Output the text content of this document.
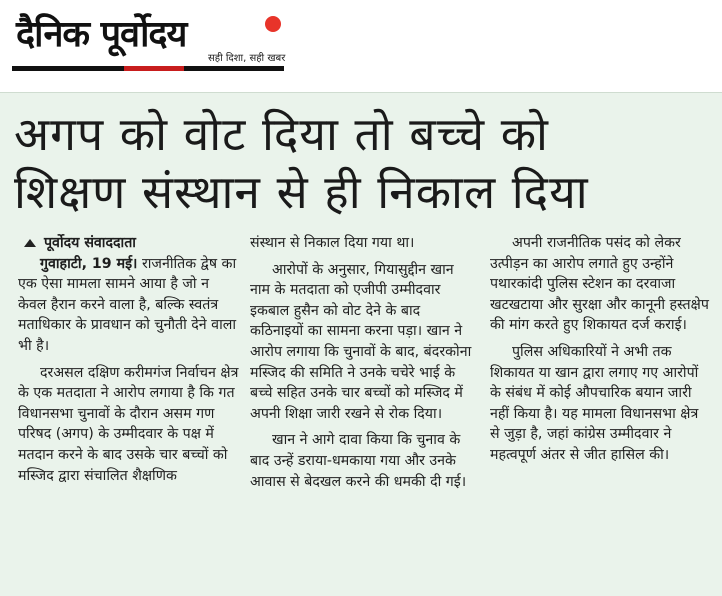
दैनिक पूर्वोदय
सही दिशा, सही खबर
अगप को वोट दिया तो बच्चे को
शिक्षण संस्थान से ही निकाल दिया

पूर्वोदय संवाददाता

गुवाहाटी, 19 मई। राजनीतिक द्वेष का एक ऐसा मामला सामने आया है जो न केवल हैरान करने वाला है, बल्कि स्वतंत्र मताधिकार के प्रावधान को चुनौती देने वाला भी है।

दरअसल दक्षिण करीमगंज निर्वाचन क्षेत्र के एक मतदाता ने आरोप लगाया है कि गत विधानसभा चुनावों के दौरान असम गण परिषद (अगप) के उम्मीदवार के पक्ष में मतदान करने के बाद उसके चार बच्चों को मस्जिद द्वारा संचालित शैक्षणिक

संस्थान से निकाल दिया गया था।

आरोपों के अनुसार, गियासुद्दीन खान नाम के मतदाता को एजीपी उम्मीदवार इकबाल हुसैन को वोट देने के बाद कठिनाइयों का सामना करना पड़ा। खान ने आरोप लगाया कि चुनावों के बाद, बंदरकोना मस्जिद की समिति ने उनके चचेरे भाई के बच्चे सहित उनके चार बच्चों को मस्जिद में अपनी शिक्षा जारी रखने से रोक दिया।

खान ने आगे दावा किया कि चुनाव के बाद उन्हें डराया-धमकाया गया और उनके आवास से बेदखल करने की धमकी दी गई।

अपनी राजनीतिक पसंद को लेकर उत्पीड़न का आरोप लगाते हुए उन्होंने पथारकांदी पुलिस स्टेशन का दरवाजा खटखटाया और सुरक्षा और कानूनी हस्तक्षेप की मांग करते हुए शिकायत दर्ज कराई।

पुलिस अधिकारियों ने अभी तक शिकायत या खान द्वारा लगाए गए आरोपों के संबंध में कोई औपचारिक बयान जारी नहीं किया है। यह मामला विधानसभा क्षेत्र से जुड़ा है, जहां कांग्रेस उम्मीदवार ने महत्वपूर्ण अंतर से जीत हासिल की।
